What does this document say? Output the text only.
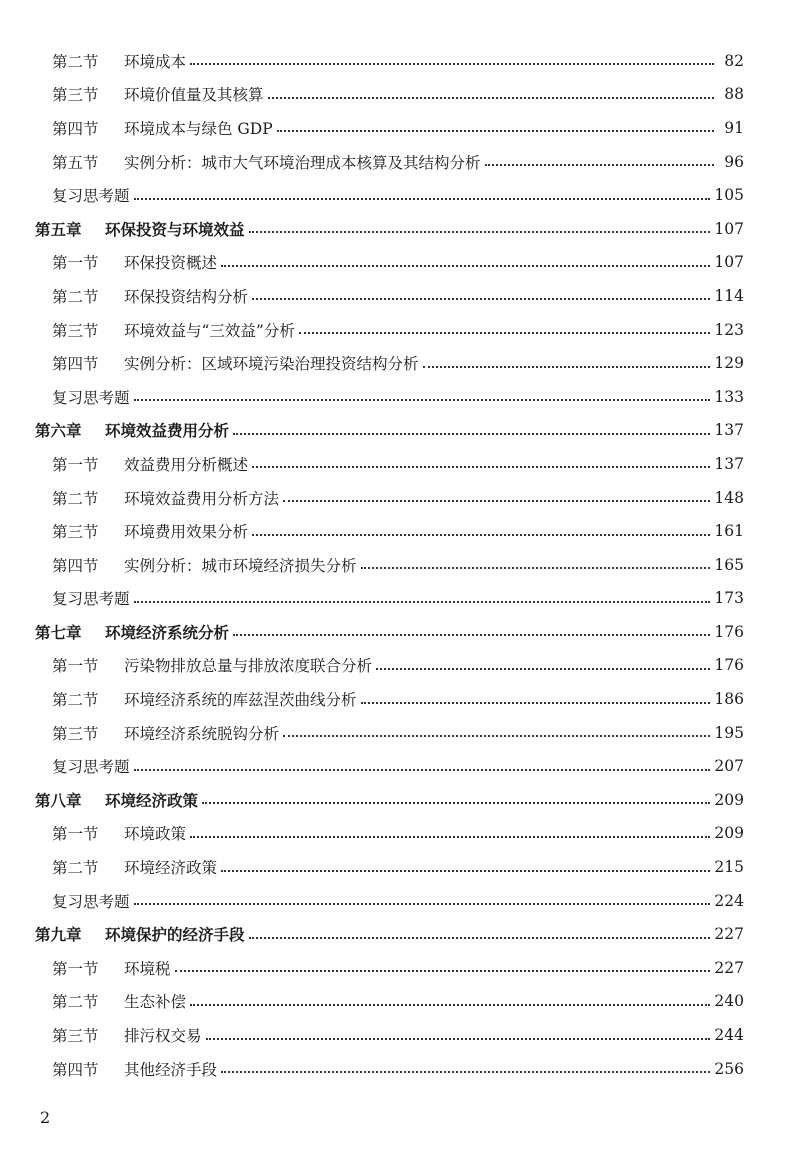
第二节	环境成本	82
第三节	环境价值量及其核算	88
第四节	环境成本与绿色 GDP	91
第五节	实例分析：城市大气环境治理成本核算及其结构分析	96
复习思考题	105
第五章	环保投资与环境效益	107
第一节	环保投资概述	107
第二节	环保投资结构分析	114
第三节	环境效益与“三效益”分析	123
第四节	实例分析：区域环境污染治理投资结构分析	129
复习思考题	133
第六章	环境效益费用分析	137
第一节	效益费用分析概述	137
第二节	环境效益费用分析方法	148
第三节	环境费用效果分析	161
第四节	实例分析：城市环境经济损失分析	165
复习思考题	173
第七章	环境经济系统分析	176
第一节	污染物排放总量与排放浓度联合分析	176
第二节	环境经济系统的库兹涅茨曲线分析	186
第三节	环境经济系统脱钩分析	195
复习思考题	207
第八章	环境经济政策	209
第一节	环境政策	209
第二节	环境经济政策	215
复习思考题	224
第九章	环境保护的经济手段	227
第一节	环境税	227
第二节	生态补偿	240
第三节	排污权交易	244
第四节	其他经济手段	256
2
